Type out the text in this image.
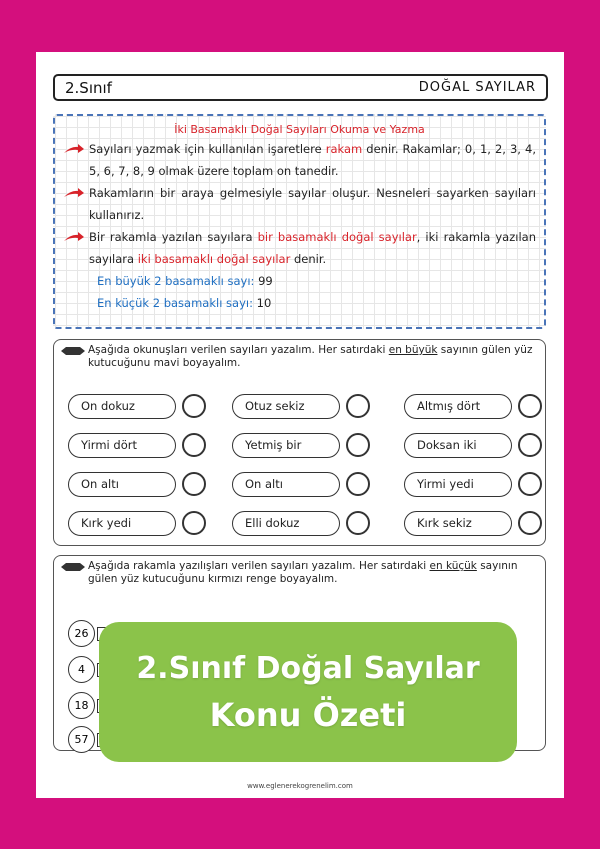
2.Sınıf	DOĞAL SAYILAR
İki Basamaklı Doğal Sayıları Okuma ve Yazma
Sayıları yazmak için kullanılan işaretlere rakam denir. Rakamlar; 0, 1, 2, 3, 4, 5, 6, 7, 8, 9 olmak üzere toplam on tanedir.
Rakamların bir araya gelmesiyle sayılar oluşur. Nesneleri sayarken sayıları kullanırız.
Bir rakamla yazılan sayılara bir basamaklı doğal sayılar, iki rakamla yazılan sayılara iki basamaklı doğal sayılar denir.
En büyük 2 basamaklı sayı: 99
En küçük 2 basamaklı sayı: 10
Aşağıda okunuşları verilen sayıları yazalım. Her satırdaki en büyük sayının gülen yüz kutucuğunu mavi boyayalım.
On dokuz	Otuz sekiz	Altmış dört
Yirmi dört	Yetmiş bir	Doksan iki
On altı	On altı	Yirmi yedi
Kırk yedi	Elli dokuz	Kırk sekiz
Aşağıda rakamla yazılışları verilen sayıları yazalım. Her satırdaki en küçük sayının gülen yüz kutucuğunu kırmızı renge boyayalım.
26
4
18
57
www.eglenerekogrenelim.com
2.Sınıf Doğal Sayılar
Konu Özeti
